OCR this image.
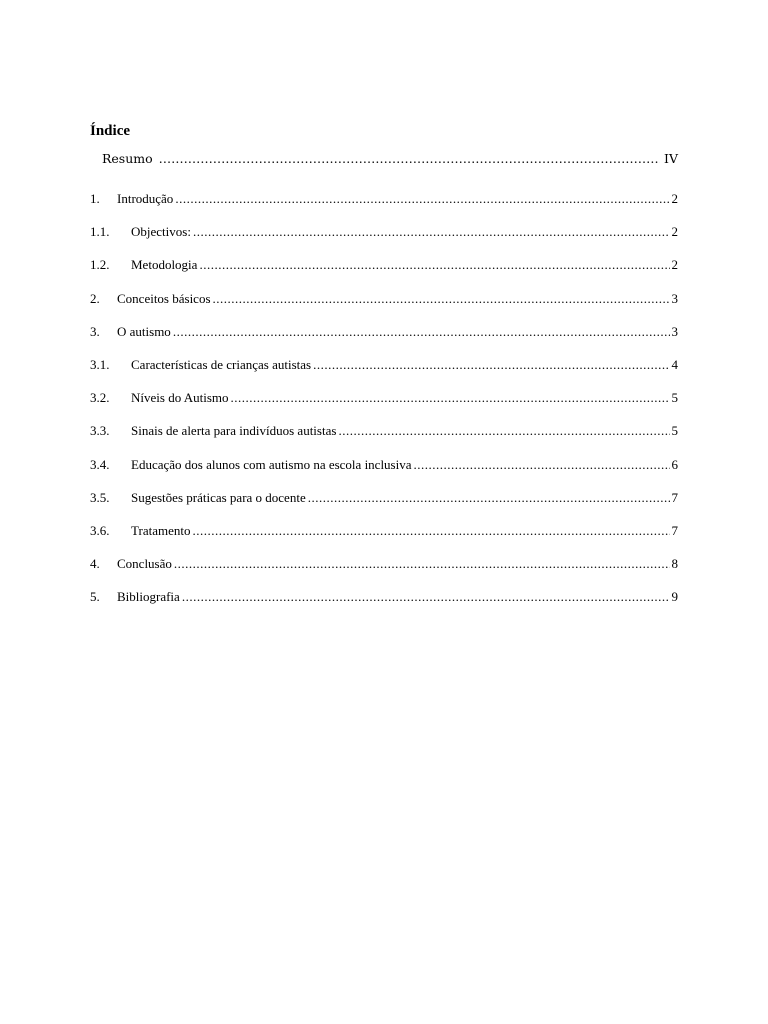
Índice
Resumo …………………………………………………………………………………………………………………………………………………………………………………………………………………………………………………………………………	IV
1.	Introdução .....	2
1.1.	Objectivos: .....	2
1.2.	Metodologia .....	2
2.	Conceitos básicos .....	3
3.	O autismo .....	3
3.1.	Características de crianças autistas .....	4
3.2.	Níveis do Autismo .....	5
3.3.	Sinais de alerta para indivíduos autistas .....	5
3.4.	Educação dos alunos com autismo na escola inclusiva .....	6
3.5.	Sugestões práticas para o docente .....	7
3.6.	Tratamento .....	7
4.	Conclusão .....	8
5.	Bibliografia .....	9
